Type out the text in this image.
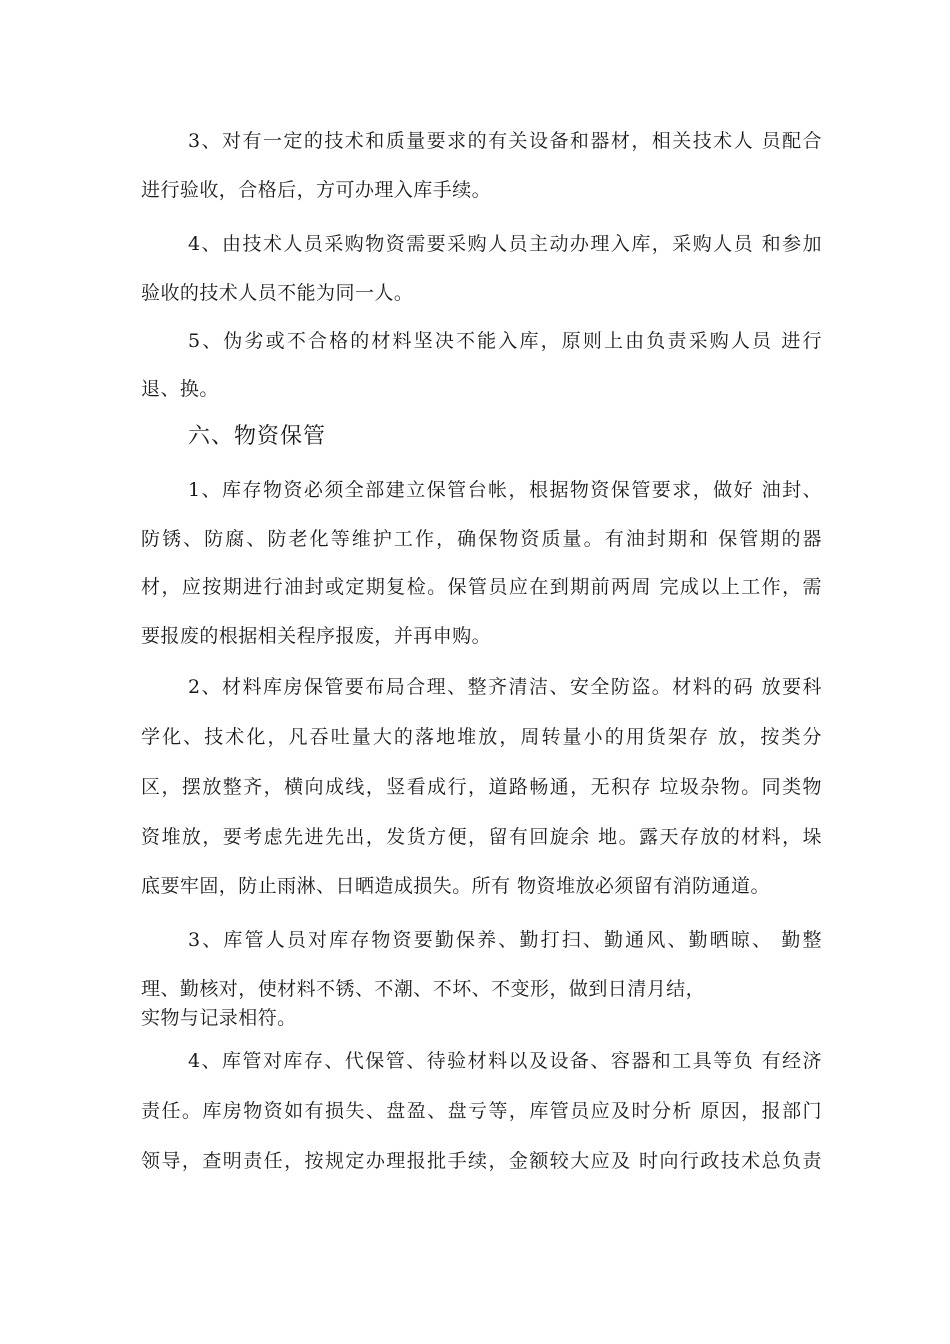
3、对有一定的技术和质量要求的有关设备和器材，相关技术人 员配合
进行验收，合格后，方可办理入库手续。
4、由技术人员采购物资需要采购人员主动办理入库，采购人员 和参加
验收的技术人员不能为同一人。
5、伪劣或不合格的材料坚决不能入库，原则上由负责采购人员 进行
退、换。
六、物资保管
1、库存物资必须全部建立保管台帐，根据物资保管要求，做好 油封、
防锈、防腐、防老化等维护工作，确保物资质量。有油封期和 保管期的器
材，应按期进行油封或定期复检。保管员应在到期前两周 完成以上工作，需
要报废的根据相关程序报废，并再申购。
2、材料库房保管要布局合理、整齐清洁、安全防盗。材料的码 放要科
学化、技术化，凡吞吐量大的落地堆放，周转量小的用货架存 放，按类分
区，摆放整齐，横向成线，竖看成行，道路畅通，无积存 垃圾杂物。同类物
资堆放，要考虑先进先出，发货方便，留有回旋余 地。露天存放的材料，垛
底要牢固，防止雨淋、日晒造成损失。所有 物资堆放必须留有消防通道。
3、库管人员对库存物资要勤保养、勤打扫、勤通风、勤晒晾、 勤整
理、勤核对，使材料不锈、不潮、不坏、不变形，做到日清月结，
实物与记录相符。
4、库管对库存、代保管、待验材料以及设备、容器和工具等负 有经济
责任。库房物资如有损失、盘盈、盘亏等，库管员应及时分析 原因，报部门
领导，查明责任，按规定办理报批手续，金额较大应及 时向行政技术总负责
